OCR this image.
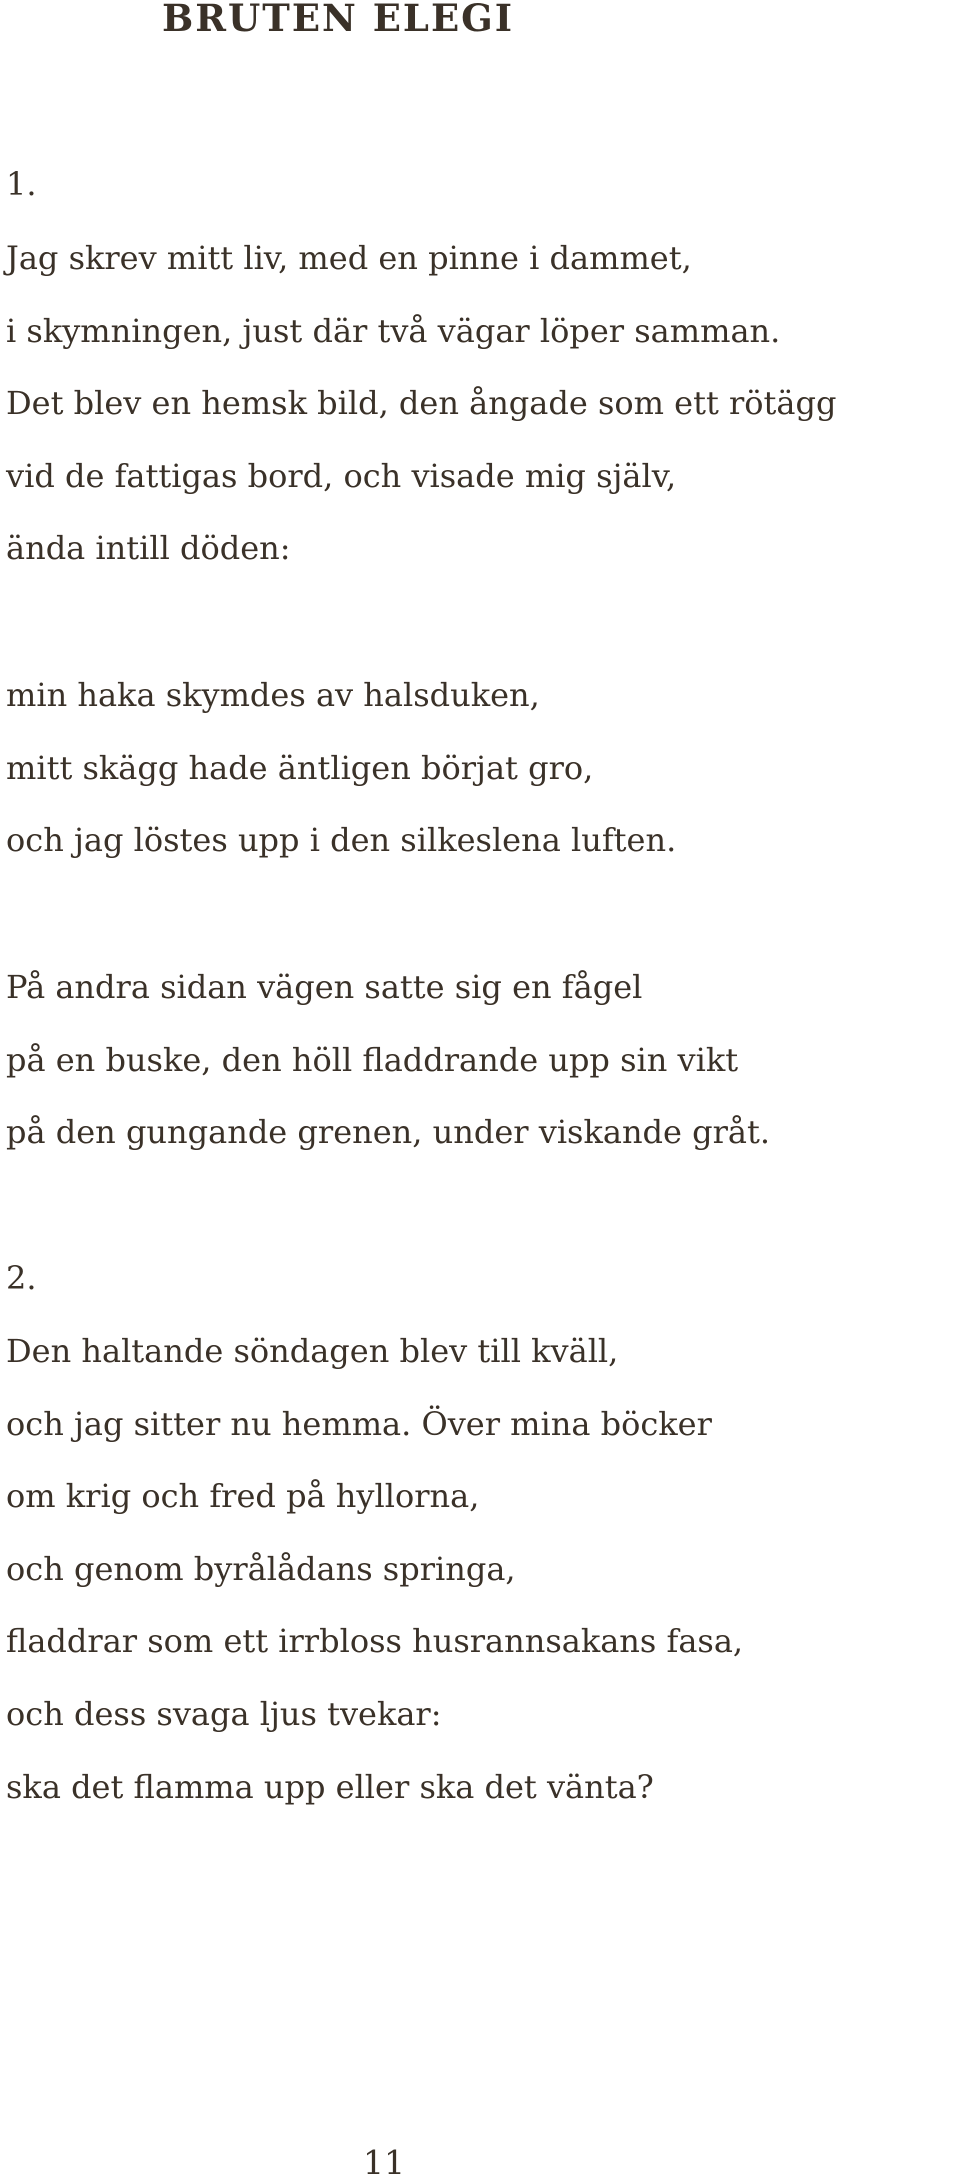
BRUTEN ELEGI

1.

Jag skrev mitt liv, med en pinne i dammet,

i skymningen, just där två vägar löper samman.

Det blev en hemsk bild, den ångade som ett rötägg

vid de fattigas bord, och visade mig själv,

ända intill döden:

min haka skymdes av halsduken,

mitt skägg hade äntligen börjat gro,

och jag löstes upp i den silkeslena luften.

På andra sidan vägen satte sig en fågel

på en buske, den höll fladdrande upp sin vikt

på den gungande grenen, under viskande gråt.

2.

Den haltande söndagen blev till kväll,

och jag sitter nu hemma. Över mina böcker

om krig och fred på hyllorna,

och genom byrålådans springa,

fladdrar som ett irrbloss husrannsakans fasa,

och dess svaga ljus tvekar:

ska det flamma upp eller ska det vänta?

11
